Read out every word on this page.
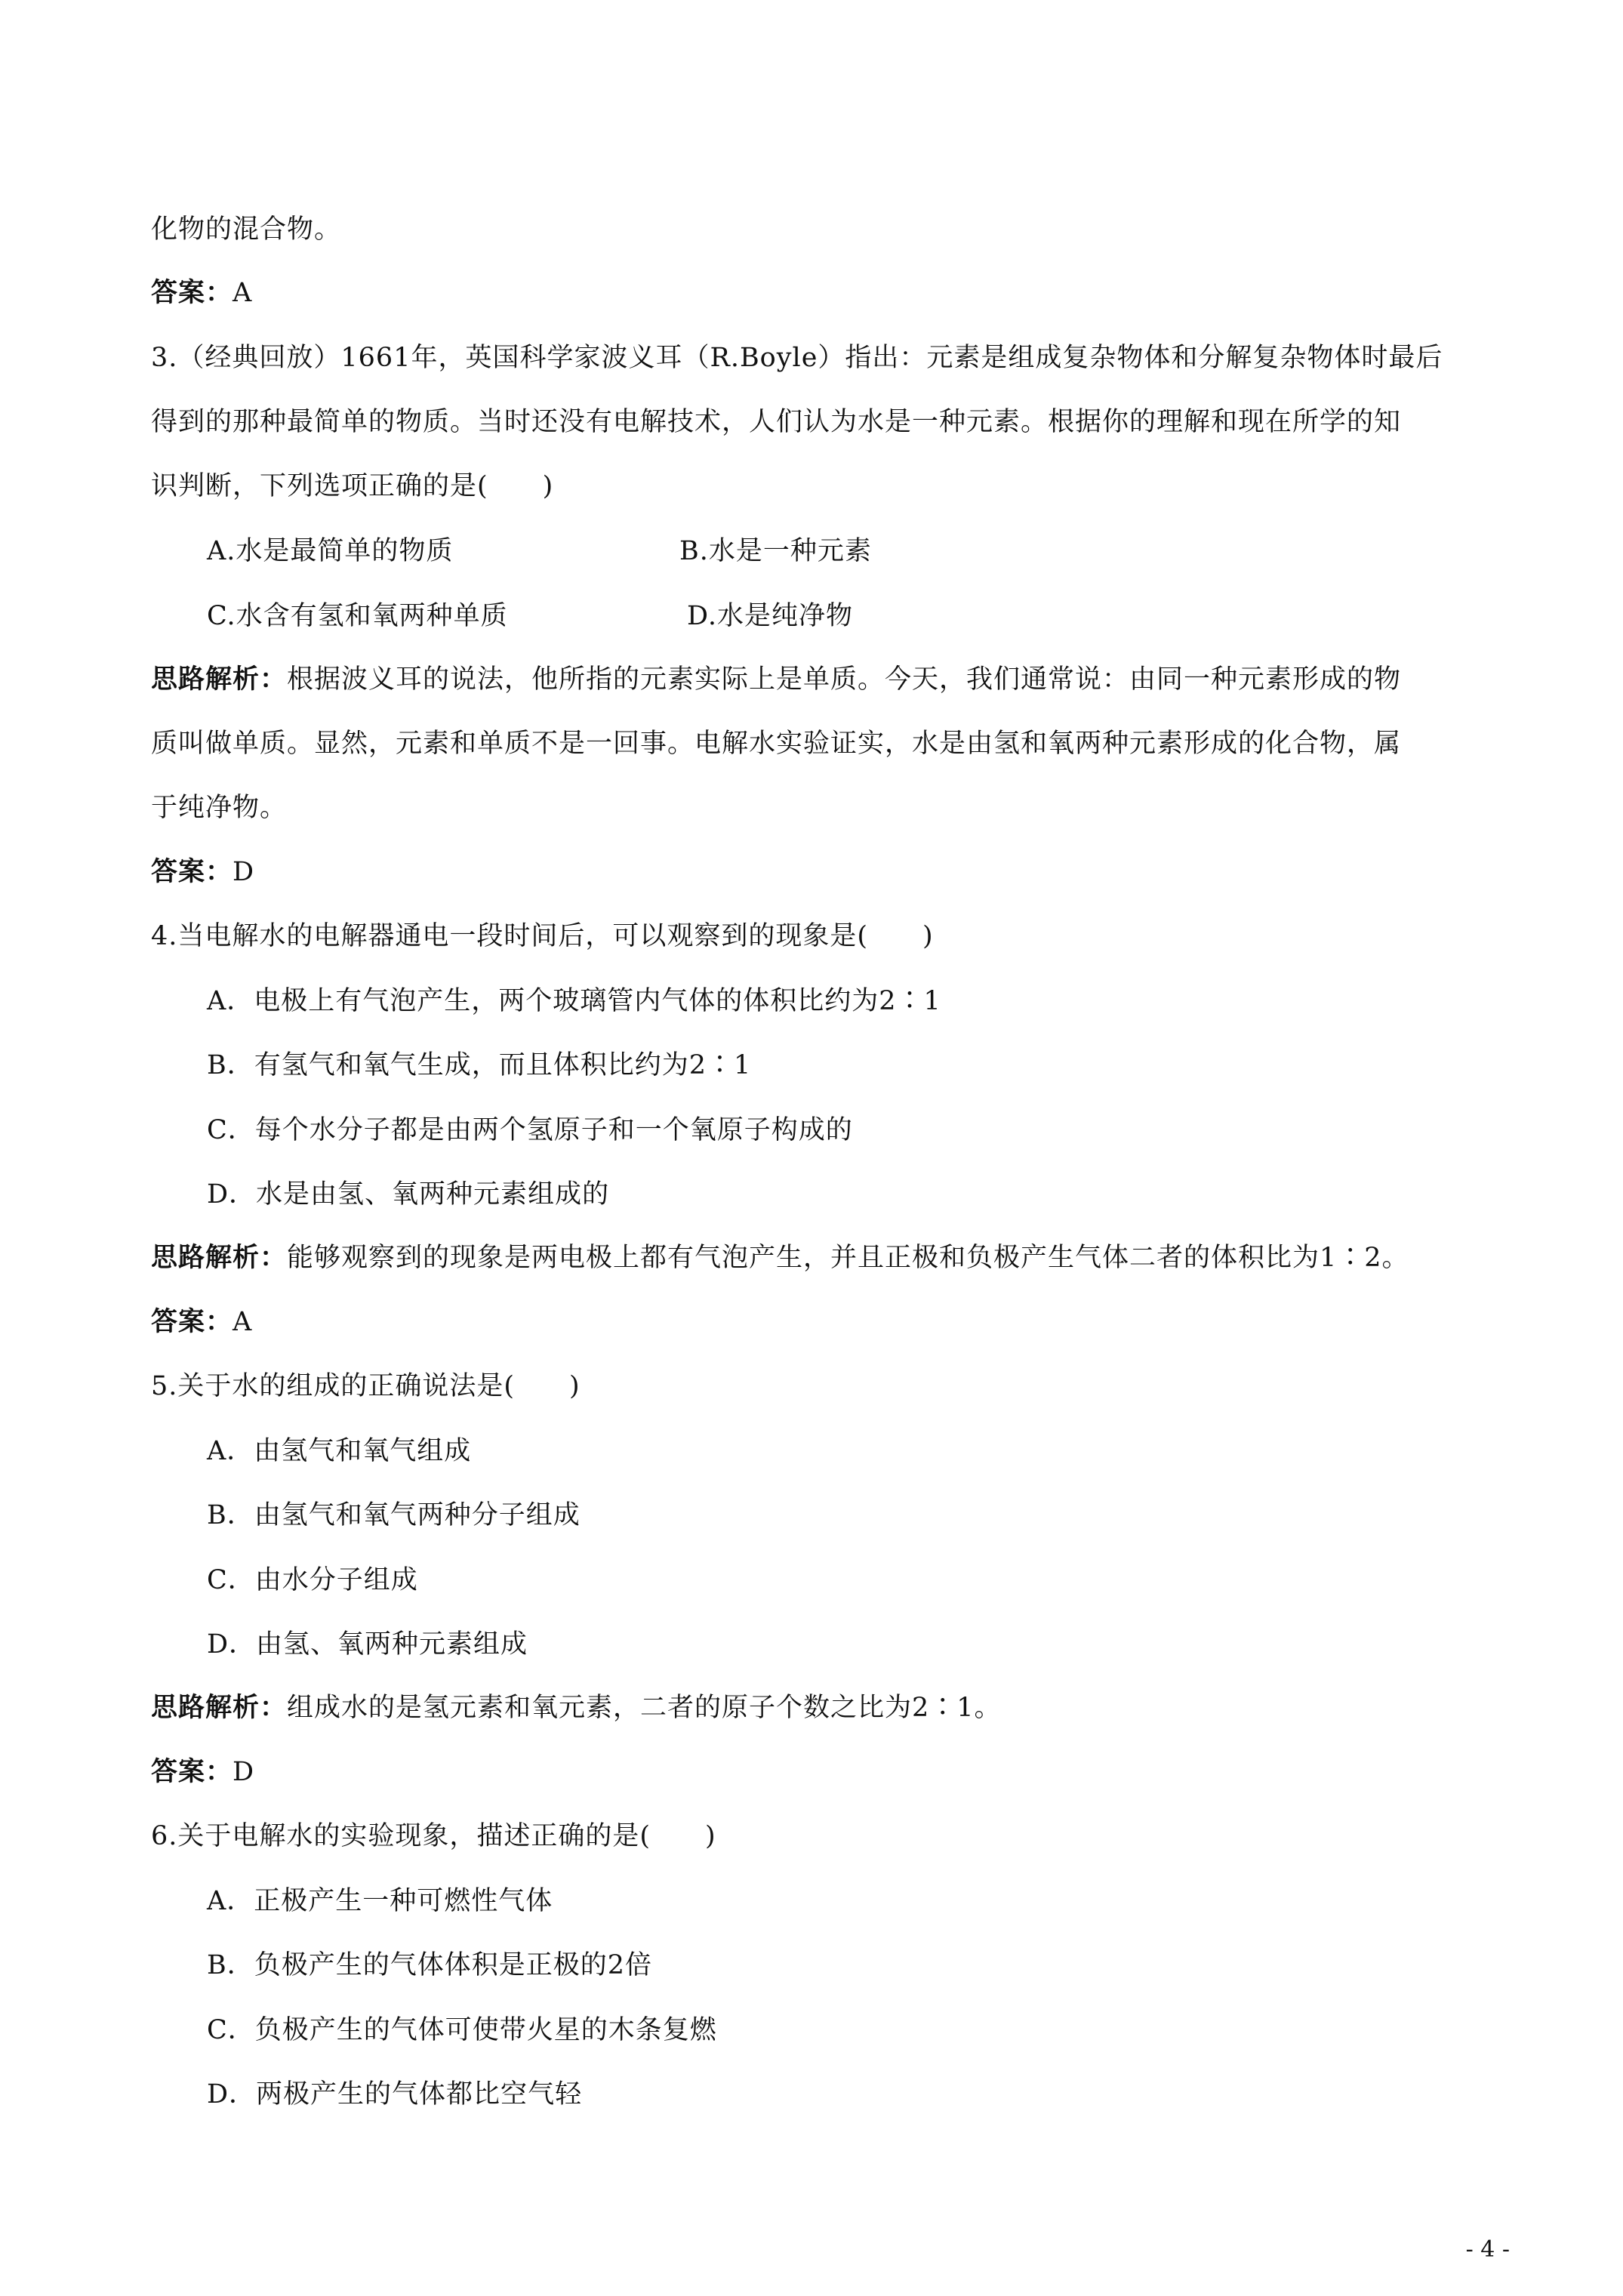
化物的混合物。
答案：A
3.（经典回放）1661年，英国科学家波义耳（R.Boyle）指出：元素是组成复杂物体和分解复杂物体时最后
得到的那种最简单的物质。当时还没有电解技术，人们认为水是一种元素。根据你的理解和现在所学的知
识判断，下列选项正确的是(　　)
A.水是最简单的物质	B.水是一种元素
C.水含有氢和氧两种单质	D.水是纯净物
思路解析：根据波义耳的说法，他所指的元素实际上是单质。今天，我们通常说：由同一种元素形成的物
质叫做单质。显然，元素和单质不是一回事。电解水实验证实，水是由氢和氧两种元素形成的化合物，属
于纯净物。
答案：D
4.当电解水的电解器通电一段时间后，可以观察到的现象是(　　)
A．电极上有气泡产生，两个玻璃管内气体的体积比约为2∶1
B．有氢气和氧气生成，而且体积比约为2∶1
C．每个水分子都是由两个氢原子和一个氧原子构成的
D．水是由氢、氧两种元素组成的
思路解析：能够观察到的现象是两电极上都有气泡产生，并且正极和负极产生气体二者的体积比为1∶2。
答案：A
5.关于水的组成的正确说法是(　　)
A．由氢气和氧气组成
B．由氢气和氧气两种分子组成
C．由水分子组成
D．由氢、氧两种元素组成
思路解析：组成水的是氢元素和氧元素，二者的原子个数之比为2∶1。
答案：D
6.关于电解水的实验现象，描述正确的是(　　)
A．正极产生一种可燃性气体
B．负极产生的气体体积是正极的2倍
C．负极产生的气体可使带火星的木条复燃
D．两极产生的气体都比空气轻
- 4 -
